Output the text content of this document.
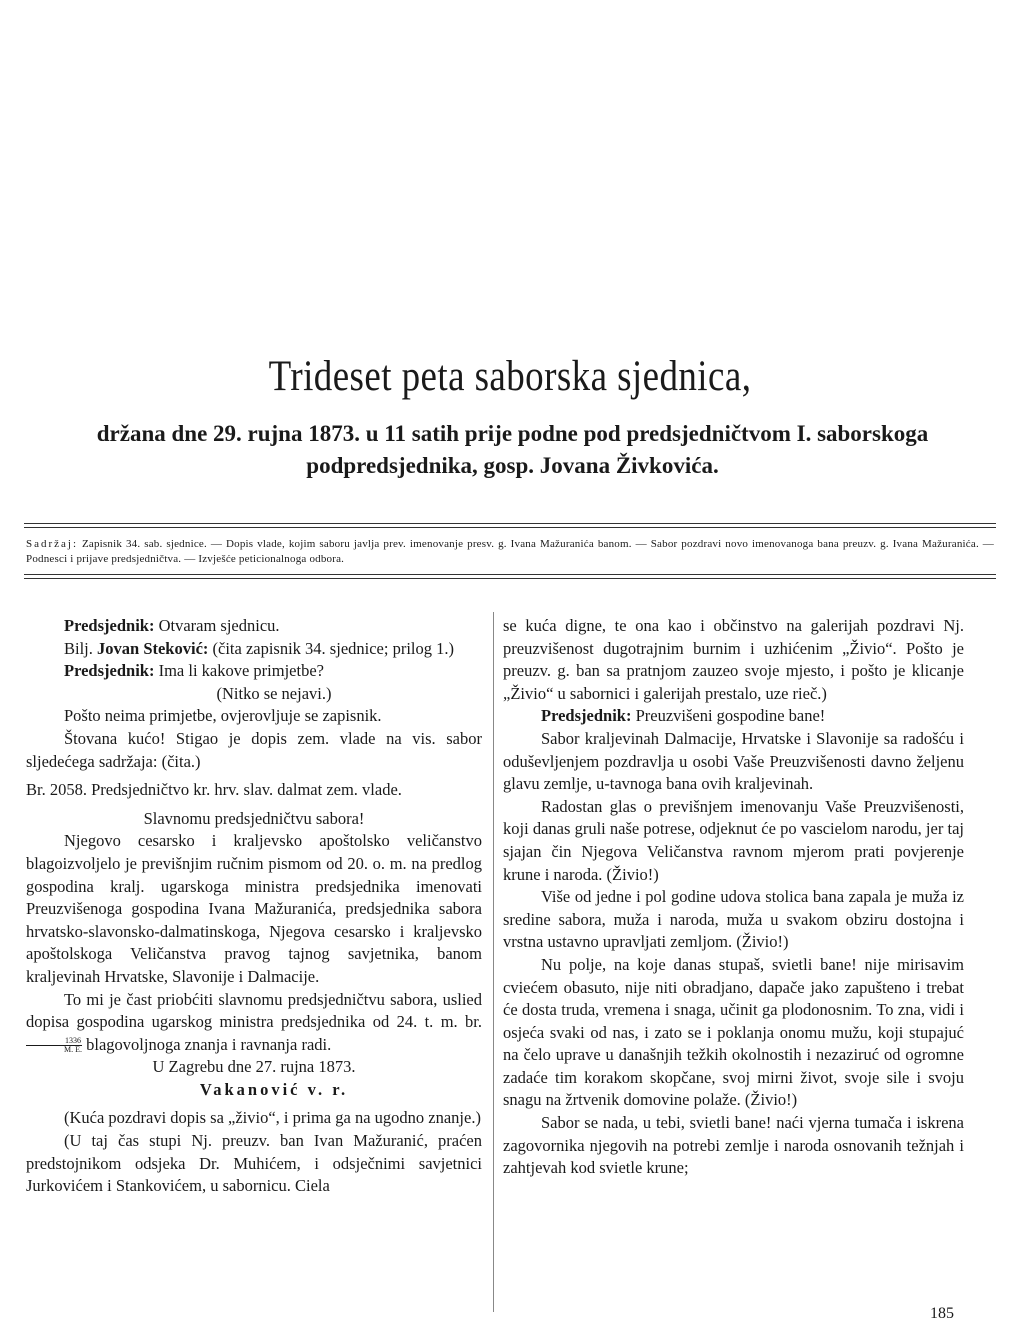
Trideset peta saborska sjednica,
držana dne 29. rujna 1873. u 11 satih prije podne pod predsjedničtvom I. saborskoga podpredsjednika, gosp. Jovana Živkovića.
Sadržaj: Zapisnik 34. sab. sjednice. — Dopis vlade, kojim saboru javlja prev. imenovanje presv. g. Ivana Mažuranića banom. — Sabor pozdravi novo imenovanoga bana preuzv. g. Ivana Mažuranića. — Podnesci i prijave predsjedničtva. — Izvješće peticionalnoga odbora.

Predsjednik: Otvaram sjednicu.

Bilj. Jovan Steković: (čita zapisnik 34. sjednice; prilog 1.)

Predsjednik: Ima li kakove primjetbe?

(Nitko se nejavi.)

Pošto neima primjetbe, ovjerovljuje se zapisnik.

Štovana kućo! Stigao je dopis zem. vlade na vis. sabor sljedećega sadržaja: (čita.)

Br. 2058. Predsjedničtvo kr. hrv. slav. dalmat zem. vlade.

Slavnomu predsjedničtvu sabora!

Njegovo cesarsko i kraljevsko apoštolsko veličanstvo blagoizvoljelo je previšnjim ručnim pismom od 20. o. m. na predlog gospodina kralj. ugarskoga ministra predsjednika imenovati Preuzvišenoga gospodina Ivana Mažuranića, predsjednika sabora hrvatsko-slavonsko-dalmatinskoga, Njegova cesarsko i kraljevsko apoštolskoga Veličanstva pravog tajnog savjetnika, banom kraljevinah Hrvatske, Slavonije i Dalmacije.

To mi je čast priobćiti slavnomu predsjedničtvu sabora, uslied dopisa gospodina ugarskog ministra predsjednika od 24. t. m. br.
$\frac{1336}{M. E.}$ blagovoljnoga znanja i ravnanja radi.

U Zagrebu dne 27. rujna 1873.

Vakanović v. r.

(Kuća pozdravi dopis sa „živio“, i prima ga na ugodno znanje.)

(U taj čas stupi Nj. preuzv. ban Ivan Mažuranić, praćen predstojnikom odsjeka Dr. Muhićem, i odsječnimi savjetnici Jurkovićem i Stankovićem, u sabornicu. Ciela

se kuća digne, te ona kao i občinstvo na galerijah pozdravi Nj. preuzvišenost dugotrajnim burnim i uzhićenim „Živio“. Pošto je preuzv. g. ban sa pratnjom zauzeo svoje mjesto, i pošto je klicanje „Živio“ u sabornici i galerijah prestalo, uze rieč.)

Predsjednik: Preuzvišeni gospodine bane!

Sabor kraljevinah Dalmacije, Hrvatske i Slavonije sa radošću i oduševljenjem pozdravlja u osobi Vaše Preuzvišenosti davno željenu glavu zemlje, u-tavnoga bana ovih kraljevinah.

Radostan glas o previšnjem imenovanju Vaše Preuzvišenosti, koji danas gruli naše potrese, odjeknut će po vascielom narodu, jer taj sjajan čin Njegova Veličanstva ravnom mjerom prati povjerenje krune i naroda. (Živio!)

Više od jedne i pol godine udova stolica bana zapala je muža iz sredine sabora, muža i naroda, muža u svakom obziru dostojna i vrstna ustavno upravljati zemljom. (Živio!)

Nu polje, na koje danas stupaš, svietli bane! nije mirisavim cviećem obasuto, nije niti obradjano, dapače jako zapušteno i trebat će dosta truda, vremena i snaga, učinit ga plodonosnim. To zna, vidi i osjeća svaki od nas, i zato se i poklanja onomu mužu, koji stupajuć na čelo uprave u današnjih težkih okolnostih i nezaziruć od ogromne zadaće tim korakom skopčane, svoj mirni život, svoje sile i svoju snagu na žrtvenik domovine polaže. (Živio!)

Sabor se nada, u tebi, svietli bane! naći vjerna tumača i iskrena zagovornika njegovih na potrebi zemlje i naroda osnovanih težnjah i zahtjevah kod svietle krune;

185
